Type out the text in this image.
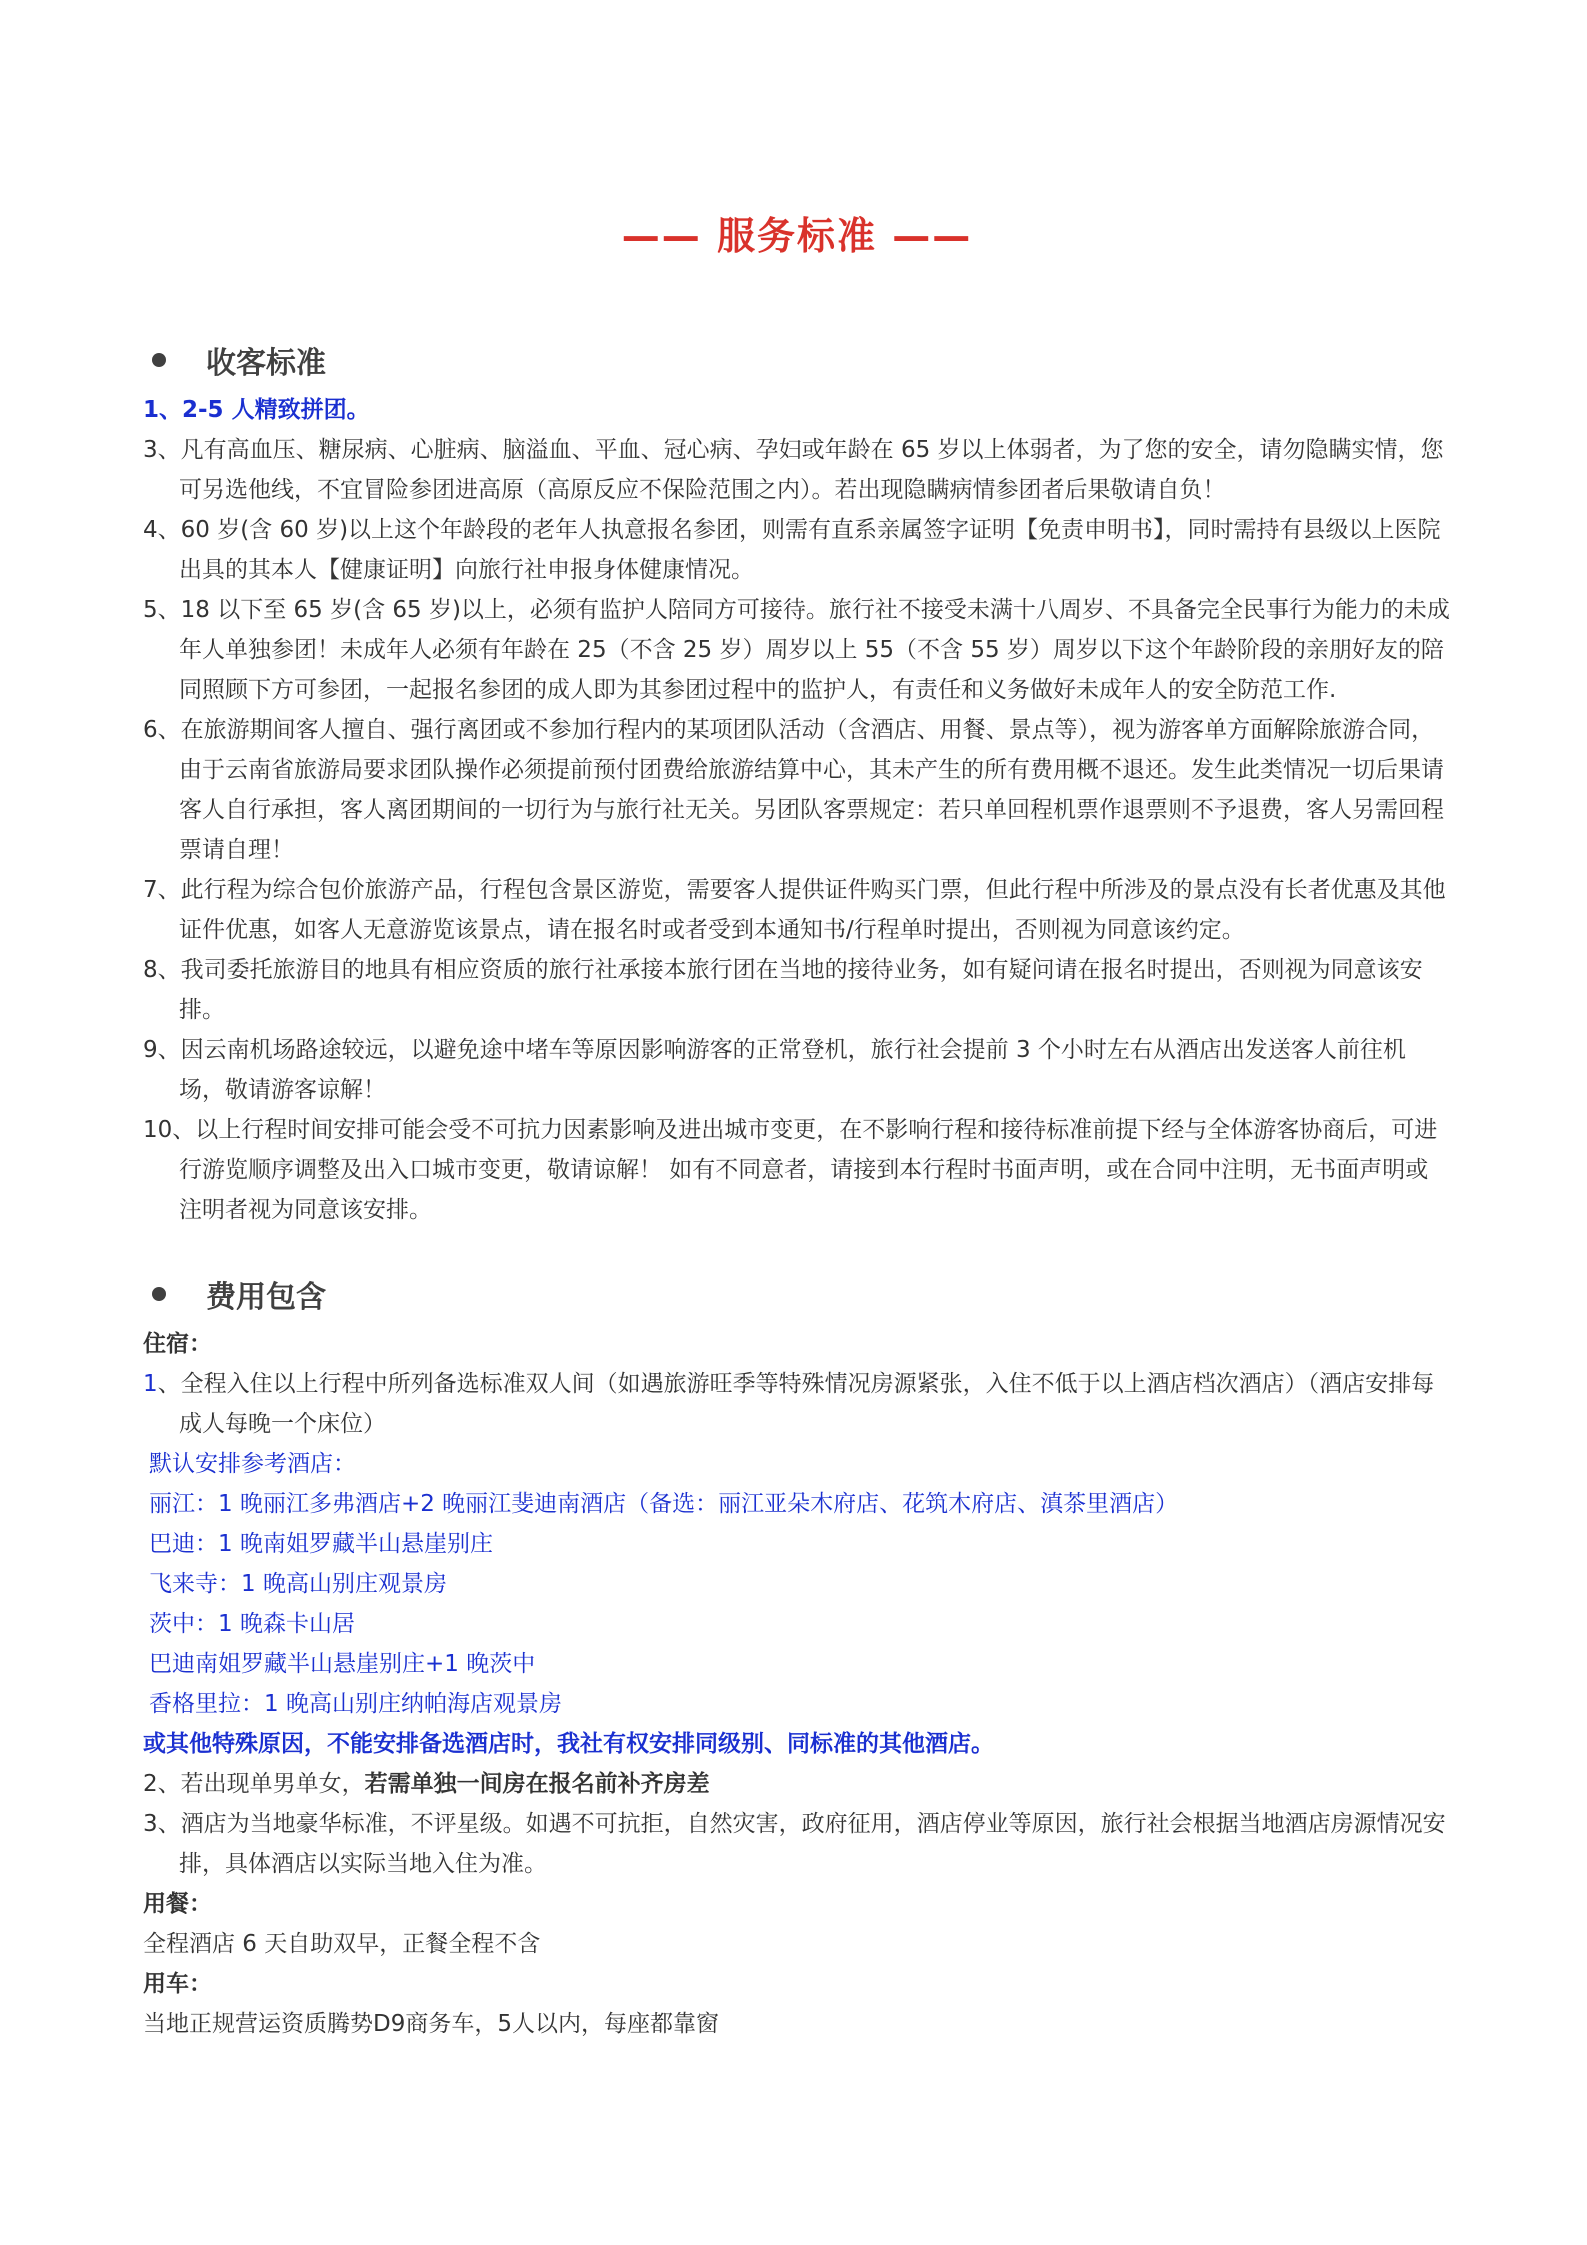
—— 服务标准 ——
收客标准

1、2-5 人精致拼团。

3、凡有高血压、糖尿病、心脏病、脑溢血、平血、冠心病、孕妇或年龄在 65 岁以上体弱者，为了您的安全，请勿隐瞒实情，您可另选他线，不宜冒险参团进高原（高原反应不保险范围之内）。若出现隐瞒病情参团者后果敬请自负！

4、60 岁(含 60 岁)以上这个年龄段的老年人执意报名参团，则需有直系亲属签字证明【免责申明书】，同时需持有县级以上医院出具的其本人【健康证明】向旅行社申报身体健康情况。

5、18 以下至 65 岁(含 65 岁)以上，必须有监护人陪同方可接待。旅行社不接受未满十八周岁、不具备完全民事行为能力的未成年人单独参团！未成年人必须有年龄在 25（不含 25 岁）周岁以上 55（不含 55 岁）周岁以下这个年龄阶段的亲朋好友的陪同照顾下方可参团，一起报名参团的成人即为其参团过程中的监护人，有责任和义务做好未成年人的安全防范工作.

6、在旅游期间客人擅自、强行离团或不参加行程内的某项团队活动（含酒店、用餐、景点等），视为游客单方面解除旅游合同，由于云南省旅游局要求团队操作必须提前预付团费给旅游结算中心，其未产生的所有费用概不退还。发生此类情况一切后果请客人自行承担，客人离团期间的一切行为与旅行社无关。另团队客票规定：若只单回程机票作退票则不予退费，客人另需回程票请自理！

7、此行程为综合包价旅游产品，行程包含景区游览，需要客人提供证件购买门票，但此行程中所涉及的景点没有长者优惠及其他证件优惠，如客人无意游览该景点，请在报名时或者受到本通知书/行程单时提出，否则视为同意该约定。

8、我司委托旅游目的地具有相应资质的旅行社承接本旅行团在当地的接待业务，如有疑问请在报名时提出，否则视为同意该安排。

9、因云南机场路途较远，以避免途中堵车等原因影响游客的正常登机，旅行社会提前 3 个小时左右从酒店出发送客人前往机场，敬请游客谅解！

10、以上行程时间安排可能会受不可抗力因素影响及进出城市变更，在不影响行程和接待标准前提下经与全体游客协商后，可进行游览顺序调整及出入口城市变更，敬请谅解！ 如有不同意者，请接到本行程时书面声明，或在合同中注明，无书面声明或注明者视为同意该安排。

费用包含

住宿：

1、全程入住以上行程中所列备选标准双人间（如遇旅游旺季等特殊情况房源紧张，入住不低于以上酒店档次酒店）（酒店安排每成人每晚一个床位）

默认安排参考酒店：

丽江：1 晚丽江多弗酒店+2 晚丽江斐迪南酒店（备选：丽江亚朵木府店、花筑木府店、滇茶里酒店）

巴迪：1 晚南姐罗藏半山悬崖别庄

飞来寺：1 晚高山别庄观景房

茨中：1 晚森卡山居

巴迪南姐罗藏半山悬崖别庄+1 晚茨中

香格里拉：1 晚高山别庄纳帕海店观景房

或其他特殊原因，不能安排备选酒店时，我社有权安排同级别、同标准的其他酒店。

2、若出现单男单女，若需单独一间房在报名前补齐房差

3、酒店为当地豪华标准，不评星级。如遇不可抗拒，自然灾害，政府征用，酒店停业等原因，旅行社会根据当地酒店房源情况安排，具体酒店以实际当地入住为准。

用餐：

全程酒店 6 天自助双早，正餐全程不含

用车：

当地正规营运资质腾势D9商务车，5人以内，每座都靠窗
